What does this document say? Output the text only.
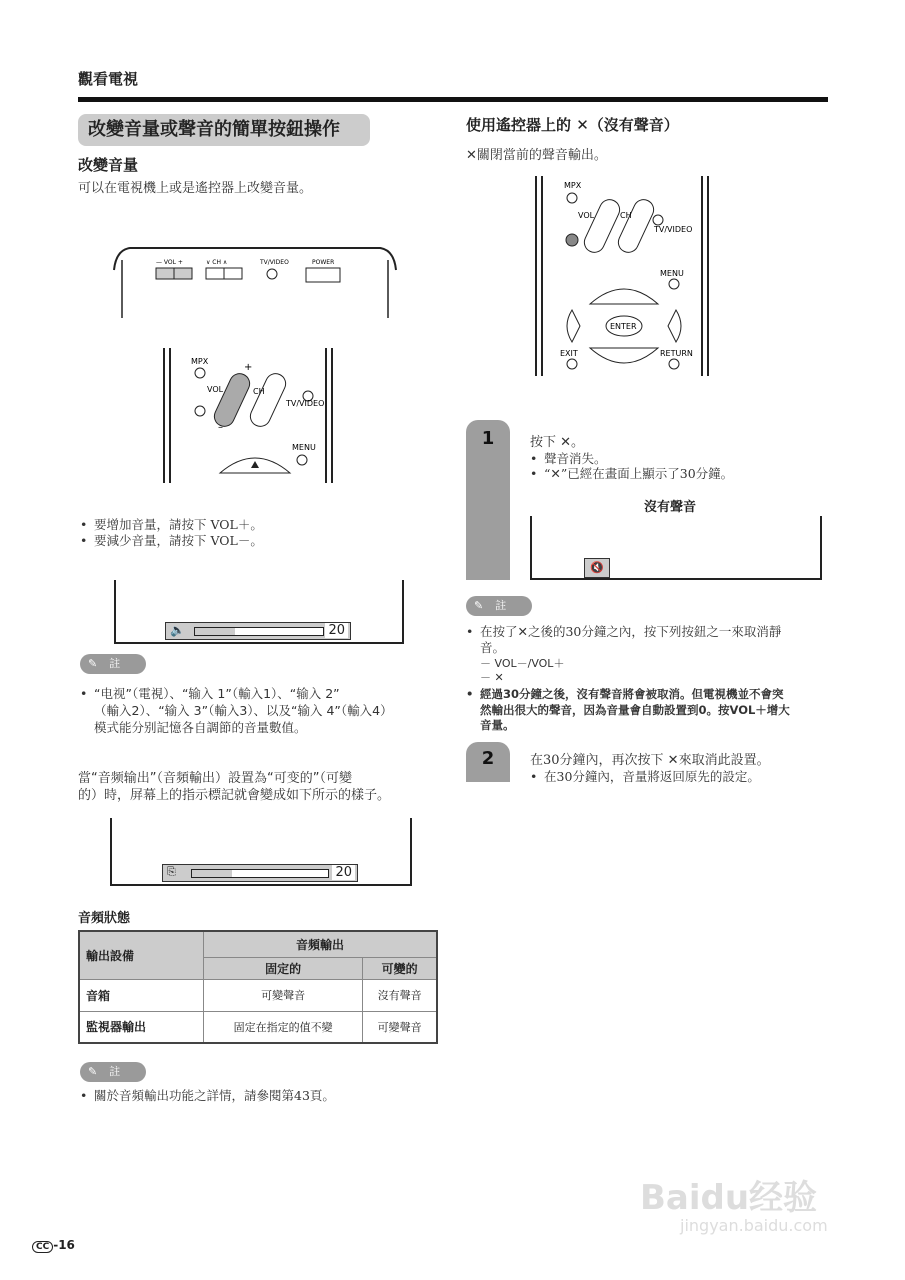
觀看電視
改變音量或聲音的簡單按鈕操作
改變音量
可以在電視機上或是遙控器上改變音量。
— VOL +	∨ CH ∧	TV/VIDEO	POWER
MPX
VOL	CH
TV/VIDEO
MENU
+
–
• 要增加音量，請按下 VOL＋。
• 要減少音量，請按下 VOL－。
🔈	20
✎ 註
• “电视”（電視）、“输入 1”（輸入1）、“输入 2”
（輸入2）、“输入 3”（輸入3）、以及“输入 4”（輸入4）
模式能分别記憶各自調節的音量數值。
當“音频输出”（音頻輸出）設置為“可变的”（可變
的）時，屏幕上的指示標記就會變成如下所示的樣子。
⎘	20
音頻狀態
輸出設備	音頻輸出	
	固定的	可變的
音箱	可變聲音	沒有聲音
監視器輸出	固定在指定的值不變	可變聲音
✎ 註
• 關於音頻輸出功能之詳情，請參閱第43頁。
使用遙控器上的 ✕（沒有聲音）
✕關閉當前的聲音輸出。
MPX
VOL	CH
TV/VIDEO
MENU
ENTER
EXIT	RETURN
1	按下 ✕。
• 聲音消失。
• “✕”已經在畫面上顯示了30分鐘。
沒有聲音
🔇
✎ 註
• 在按了✕之後的30分鐘之內，按下列按鈕之一來取消靜
音。
－ VOL－/VOL＋
－ ✕
• 經過30分鐘之後，沒有聲音將會被取消。但電視機並不會突
然輸出很大的聲音，因為音量會自動設置到0。按VOL＋增大
音量。
2	在30分鐘內，再次按下 ✕來取消此設置。
• 在30分鐘內，音量將返回原先的設定。
Baidu经验
jingyan.baidu.com
CC -16
